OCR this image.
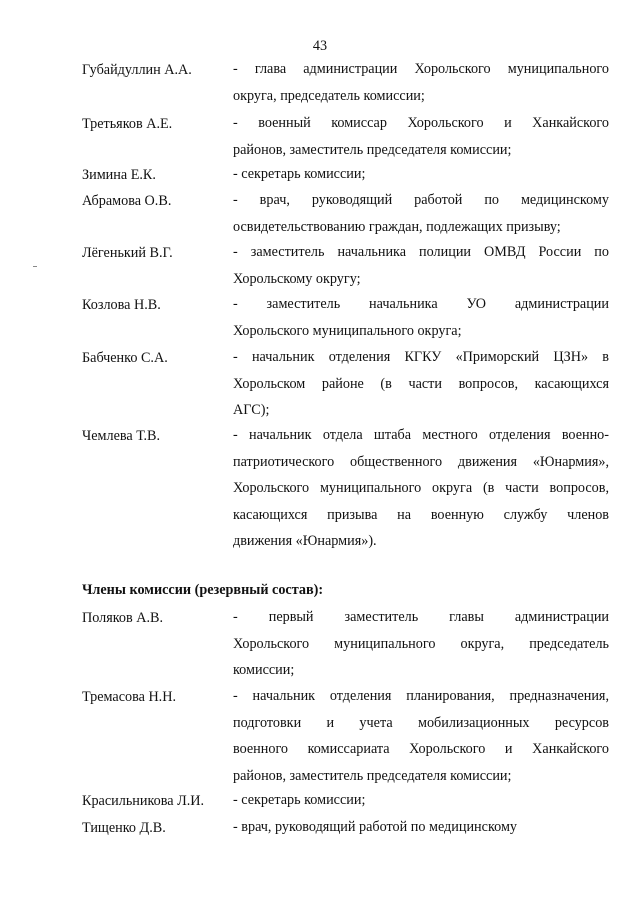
43
Губайдуллин А.А.	- глава администрации Хорольского муниципального
округа, председатель комиссии;
Третьяков А.Е.	- военный комиссар Хорольского и Ханкайского
районов, заместитель председателя комиссии;
Зимина Е.К.	- секретарь комиссии;
Абрамова О.В.	- врач, руководящий работой по медицинскому
освидетельствованию граждан, подлежащих призыву;
Лёгенький В.Г.	- заместитель начальника полиции ОМВД России по
Хорольскому округу;
Козлова Н.В.	- заместитель начальника УО администрации
Хорольского муниципального округа;
Бабченко С.А.	- начальник отделения КГКУ «Приморский ЦЗН» в
Хорольском районе (в части вопросов, касающихся
АГС);
Чемлева Т.В.	- начальник отдела штаба местного отделения военно-
патриотического общественного движения «Юнармия»,
Хорольского муниципального округа (в части вопросов,
касающихся призыва на военную службу членов
движения «Юнармия»).
Члены комиссии (резервный состав):
Поляков А.В.	- первый заместитель главы администрации
Хорольского муниципального округа, председатель
комиссии;
Тремасова Н.Н.	- начальник отделения планирования, предназначения,
подготовки и учета мобилизационных ресурсов
военного комиссариата Хорольского и Ханкайского
районов, заместитель председателя комиссии;
Красильникова Л.И. - секретарь комиссии;
Тищенко Д.В.	- врач, руководящий работой по медицинскому
